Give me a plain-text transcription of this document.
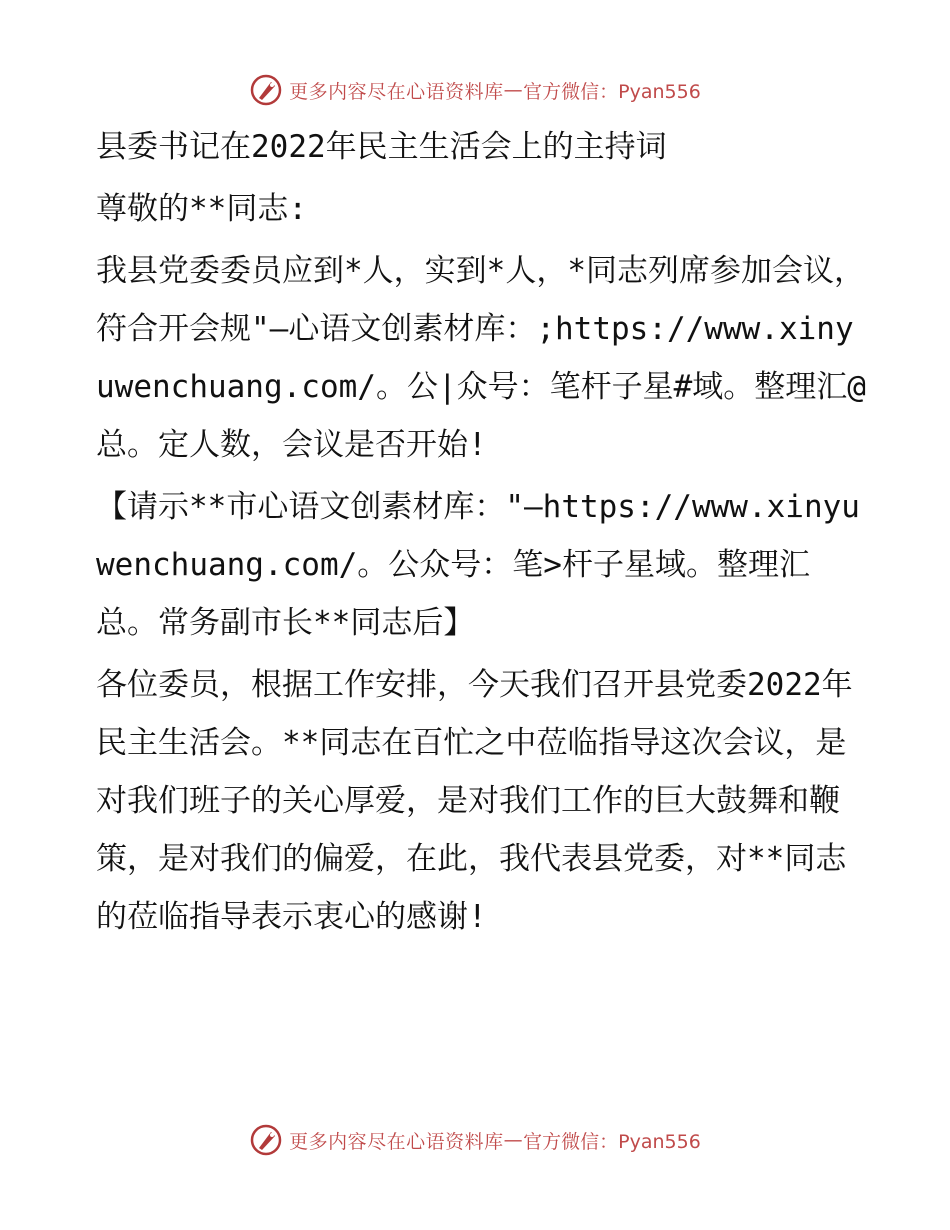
更多内容尽在心语资料库 — 官方微信：Pyan556

县委书记在2022年民主生活会上的主持词

尊敬的**同志:

我县党委委员应到*人，实到*人，*同志列席参加会议，符合开会规"—心语文创素材库：;https://www.xinyuwenchuang.com/。公|众号：笔杆子星#域。整理汇@总。定人数，会议是否开始!

【请示**市心语文创素材库："—https://www.xinyuwenchuang.com/。公众号：笔>杆子星域。整理汇总。常务副市长**同志后】

各位委员，根据工作安排，今天我们召开县党委2022年民主生活会。**同志在百忙之中莅临指导这次会议，是对我们班子的关心厚爱，是对我们工作的巨大鼓舞和鞭策，是对我们的偏爱，在此，我代表县党委，对**同志的莅临指导表示衷心的感谢!

更多内容尽在心语资料库 — 官方微信：Pyan556
